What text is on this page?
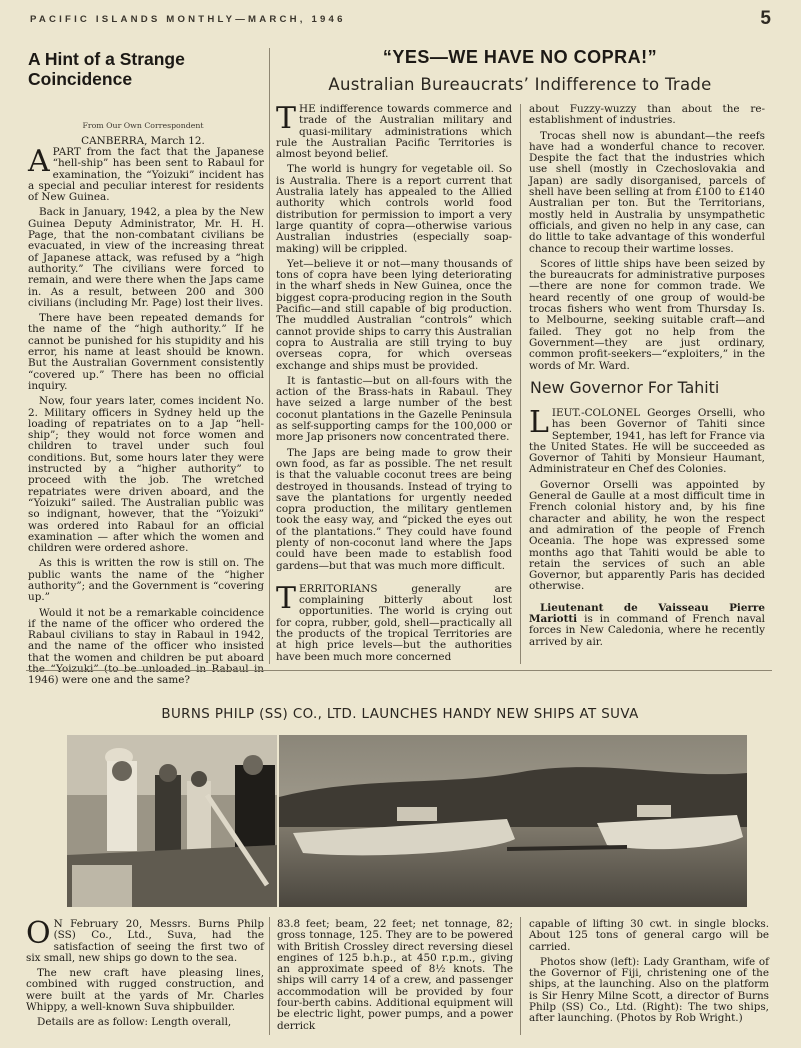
PACIFIC ISLANDS MONTHLY—MARCH, 1946	5
A Hint of a Strange Coincidence
From Our Own Correspondent
CANBERRA, March 12.

APART from the fact that the Japanese “hell-ship” has been sent to Rabaul for examination, the “Yoizuki” incident has a special and peculiar interest for residents of New Guinea.

Back in January, 1942, a plea by the New Guinea Deputy Administrator, Mr. H. H. Page, that the non-combatant civilians be evacuated, in view of the increasing threat of Japanese attack, was refused by a “high authority.” The civilians were forced to remain, and were there when the Japs came in. As a result, between 200 and 300 civilians (including Mr. Page) lost their lives.

There have been repeated demands for the name of the “high authority.” If he cannot be punished for his stupidity and his error, his name at least should be known. But the Australian Government consistently “covered up.” There has been no official inquiry.

Now, four years later, comes incident No. 2. Military officers in Sydney held up the loading of repatriates on to a Jap “hell-ship”; they would not force women and children to travel under such foul conditions. But, some hours later they were instructed by a “higher authority” to proceed with the job. The wretched repatriates were driven aboard, and the “Yoizuki” sailed. The Australian public was so indignant, however, that the “Yoizuki” was ordered into Rabaul for an official examination — after which the women and children were ordered ashore.

As this is written the row is still on. The public wants the name of the “higher authority”; and the Government is “covering up.”

Would it not be a remarkable coincidence if the name of the officer who ordered the Rabaul civilians to stay in Rabaul in 1942, and the name of the officer who insisted that the women and children be put aboard 1946) were one and the same?

“YES—WE HAVE NO COPRA!”
Australian Bureaucrats’ Indifference to Trade

THE indifference towards commerce and trade of the Australian military and quasi-military administrations which rule the Australian Pacific Territories is almost beyond belief.

The world is hungry for vegetable oil. So is Australia. There is a report current that Australia lately has appealed to the Allied authority which controls world food distribution for permission to import a very large quantity of copra—otherwise various Australian industries (especially soap-making) will be crippled.

Yet—believe it or not—many thousands of tons of copra have been lying deteriorating in the wharf sheds in New Guinea, once the biggest copra-producing region in the South Pacific—and still capable of big production. The muddled Australian “controls” which cannot provide ships to carry this Australian copra to Australia are still trying to buy overseas copra, for which overseas exchange and ships must be provided.

It is fantastic—but on all-fours with the action of the Brass-hats in Rabaul. They have seized a large number of the best coconut plantations in the Gazelle Peninsula as self-supporting camps for the 100,000 or more Jap prisoners now concentrated there.

The Japs are being made to grow their own food, as far as possible. The net result is that the valuable coconut trees are being destroyed in thousands. Instead of trying to save the plantations for urgently needed copra production, the military gentlemen took the easy way, and “picked the eyes out of the plantations.” They could have found plenty of non-coconut land where the Japs could have been made to establish food gardens—but that was much more difficult.

TERRITORIANS generally are complaining bitterly about lost opportunities. The world is crying out for copra, rubber, gold, shell—practically all the products of the tropical Territories are at high price levels—but the authorities have been much more concerned

about Fuzzy-wuzzy than about the re-establishment of industries.

Trocas shell now is abundant—the reefs have had a wonderful chance to recover. Despite the fact that the industries which use shell (mostly in Czechoslovakia and Japan) are sadly disorganised, parcels of shell have been selling at from £100 to £140 Australian per ton. But the Territorians, mostly held in Australia by unsympathetic officials, and given no help in any case, can do little to take advantage of this wonderful chance to recoup their wartime losses.

Scores of little ships have been seized by the bureaucrats for administrative purposes—there are none for common trade. We heard recently of one group of would-be trocas fishers who went from Thursday Is. to Melbourne, seeking suitable craft—and failed. They got no help from the Government—they are just ordinary, common profit-seekers—“exploiters,” in the words of Mr. Ward.

New Governor For Tahiti

LIEUT.-COLONEL Georges Orselli, who has been Governor of Tahiti since September, 1941, has left for France via the United States. He will be succeeded as Governor of Tahiti by Monsieur Haumant, Administrateur en Chef des Colonies.

Governor Orselli was appointed by General de Gaulle at a most difficult time in French colonial history and, by his fine character and ability, he won the respect and admiration of the people of French Oceania. The hope was expressed some months ago that Tahiti would be able to retain the services of such an able Governor, but apparently Paris has decided otherwise.

Lieutenant de Vaisseau Pierre Mariotti is in command of French naval forces in New Caledonia, where he recently arrived by air.

BURNS PHILP (SS) CO., LTD. LAUNCHES HANDY NEW SHIPS AT SUVA

O N February 20, Messrs. Burns Philp (SS) Co., Ltd., Suva, had the satisfaction of seeing the first two of six small, new ships go down to the sea.

The new craft have pleasing lines, combined with rugged construction, and were built at the yards of Mr. Charles Whippy, a well-known Suva shipbuilder.

Details are as follow: Length overall,

83.8 feet; beam, 22 feet; net tonnage, 82; gross tonnage, 125. They are to be powered with British Crossley direct reversing diesel engines of 125 b.h.p., at 450 r.p.m., giving an approximate speed of 8½ knots. The ships will carry 14 of a crew, and passenger accommodation will be provided by four four-berth cabins. Additional equipment will be electric light, power pumps, and a power derrick

capable of lifting 30 cwt. in single blocks. About 125 tons of general cargo will be carried.

Photos show (left): Lady Grantham, wife of the Governor of Fiji, christening one of the ships, at the launching. Also on the platform is Sir Henry Milne Scott, a director of Burns Philp (SS) Co., Ltd. (Right): The two ships, after launching. (Photos by Rob Wright.)
